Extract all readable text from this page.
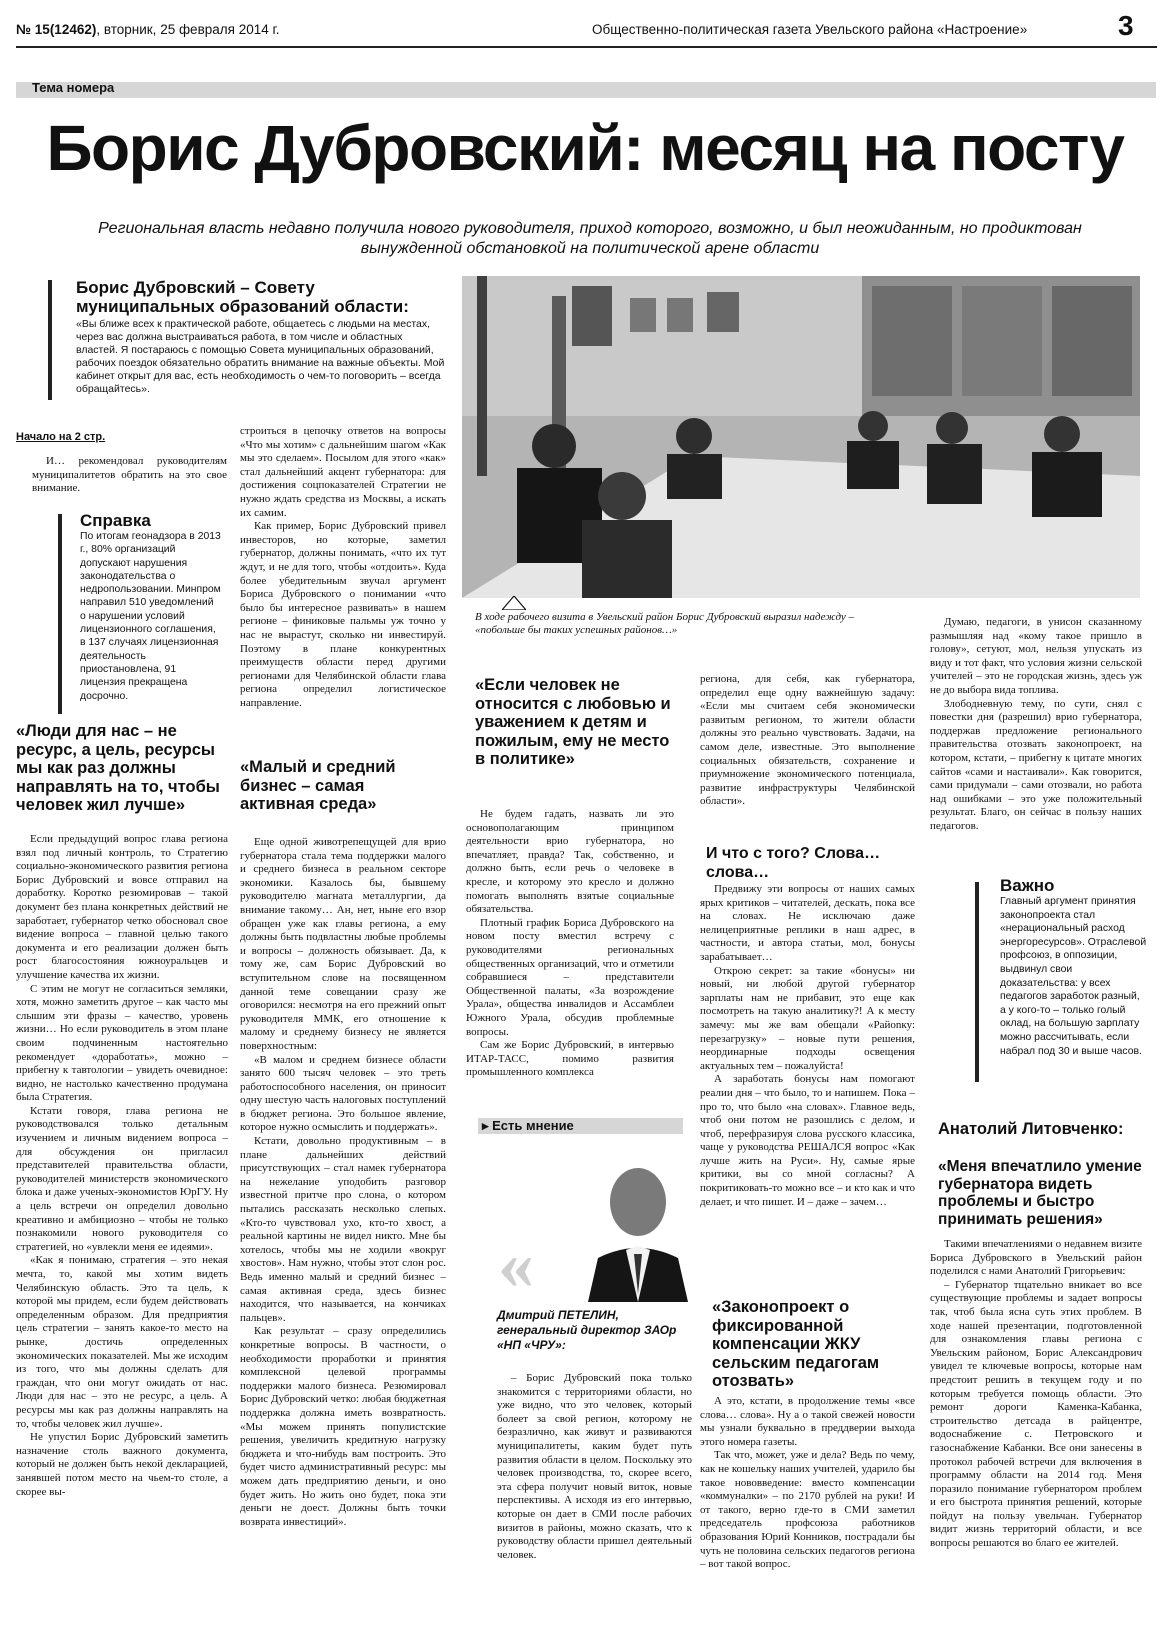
№ 15(12462), вторник, 25 февраля 2014 г.	Общественно-политическая газета Увельского района «Настроение»	3
Тема номера
Борис Дубровский: месяц на посту
Региональная власть недавно получила нового руководителя, приход которого, возможно, и был неожиданным, но продиктован вынужденной обстановкой на политической арене области
Борис Дубровский – Совету муниципальных образований области:
«Вы ближе всех к практической работе, общаетесь с людьми на местах, через вас должна выстраиваться работа, в том числе и областных властей. Я постараюсь с помощью Совета муниципальных образований, рабочих поездок обязательно обратить внимание на важные объекты. Мой кабинет открыт для вас, есть необходимость о чем-то поговорить – всегда обращайтесь».
В ходе рабочего визита в Увельский район Борис Дубровский выразил надежду – «побольше бы таких успешных районов…»
Начало на 2 стр.

И… рекомендовал руководителям муниципалитетов обратить на это свое внимание.

Справка
По итогам геонадзора в 2013 г., 80% организаций допускают нарушения законодательства о недропользовании. Минпром направил 510 уведомлений о нарушении условий лицензионного соглашения, в 137 случаях лицензионная деятельность приостановлена, 91 лицензия прекращена досрочно.
«Люди для нас – не ресурс, а цель, ресурсы мы как раз должны направлять на то, чтобы человек жил лучше»

Если предыдущий вопрос глава региона взял под личный контроль, то Стратегию социально-экономического развития регионa Борис Дубровский и вовсе отправил на доработку. Коротко резюмировав – такой документ без плана конкретных действий не заработает, губернатор четко обосновал свое видение вопроса – главной целью такого документа и его реализации должен быть рост благосостояния южноуральцев и улучшение качества их жизни.

С этим не могут не согласиться земляки, хотя, можно заметить другое – как часто мы слышим эти фразы – качество, уровень жизни… Но если руководитель в этом плане своим подчиненным настоятельно рекомендует «доработать», можно – прибегну к тавтологии – увидеть очевидное: видно, не настолько качественно продумана была Стратегия.

Кстати говоря, глава региона не руководствовался только детальным изучением и личным видением вопроса – для обсуждения он пригласил представителей правительства области, руководителей министерств экономического блока и даже ученых-экономистов ЮрГУ. Ну а цель встречи он определил довольно креативно и амбициозно – чтобы не только познакомили нового руководителя со стратегией, но «увлекли меня ее идеями».

«Как я понимаю, стратегия – это некая мечта, то, какой мы хотим видеть Челябинскую область. Это та цель, к которой мы придем, если будем действовать определенным образом. Для предприятия цель стратегии – занять какое-то место на рынке, достичь определенных экономических показателей. Мы же исходим из того, что мы должны сделать для граждан, что они могут ожидать от нас. Люди для нас – это не ресурс, а цель. А ресурсы мы как раз должны направлять на то, чтобы человек жил лучше».

Не упустил Борис Дубровский заметить назначение столь важного документа, который не должен быть некой декларацией, занявшей потом место на чьем-то столе, а скорее вы-

строиться в цепочку ответов на вопросы «Что мы хотим» с дальнейшим шагом «Как мы это сделаем». Посылом для этого «как» стал дальнейший акцент губернатора: для достижения соцпоказателей Стратегии не нужно ждать средства из Москвы, а искать их самим.

Как пример, Борис Дубровский привел инвесторов, но которые, заметил губернатор, должны понимать, «что их тут ждут, и не для того, чтобы «отдоить». Куда более убедительным звучал аргумент Бориса Дубровского о понимании «что было бы интересное развивать» в нашем регионе – финиковые пальмы уж точно у нас не вырастут, сколько ни инвестируй. Поэтому в плане конкурентных преимуществ области перед другими регионами для Челябинской области глава региона определил логистическое направление.

«Малый и средний бизнес – самая активная среда»

Еще одной животрепещущей для врио губернатора стала тема поддержки малого и среднего бизнеса в реальном секторе экономики. Казалось бы, бывшему руководителю магната металлургии, да внимание такому… Ан, нет, ныне его взор обращен уже как главы региона, а ему должны быть подвластны любые проблемы и вопросы – должность обязывает. Да, к тому же, сам Борис Дубровский во вступительном слове на посвященном данной теме совещании сразу же оговорился: несмотря на его прежний опыт руководителя ММК, его отношение к малому и среднему бизнесу не является поверхностным:

«В малом и среднем бизнесе области занято 600 тысяч человек – это треть работоспособного населения, он приносит одну шестую часть налоговых поступлений в бюджет региона. Это большое явление, которое нужно осмыслить и поддержать».

Кстати, довольно продуктивным – в плане дальнейших действий присутствующих – стал намек губернатора на нежелание уподобить разговор известной притче про слона, о котором пытались рассказать несколько слепых. «Кто-то чувствовал ухо, кто-то хвост, а реальной картины не видел никто. Мне бы хотелось, чтобы мы не ходили «вокруг хвостов». Нам нужно, чтобы этот слон рос. Ведь именно малый и средний бизнес – самая активная среда, здесь бизнес находится, что называется, на кончиках пальцев».

Как результат – сразу определились конкретные вопросы. В частности, о необходимости проработки и принятия комплексной целевой программы поддержки малого бизнеса. Резюмировал Борис Дубровский четко: любая бюджетная поддержка должна иметь возвратность. «Мы можем принять популистские решения, увеличить кредитную нагрузку бюджета и что-нибудь вам построить. Это будет чисто административный ресурс: мы можем дать предприятию деньги, и оно будет жить. Но жить оно будет, пока эти деньги не доест. Должны быть точки возврата инвестиций».

«Если человек не относится с любовью и уважением к детям и пожилым, ему не место в политике»

Не будем гадать, назвать ли это основополагающим принципом деятельности врио губернатора, но впечатляет, правда? Так, собственно, и должно быть, если речь о человеке в кресле, и которому это кресло и должно помогать выполнять взятые социальные обязательства.

Плотный график Бориса Дубровского на новом посту вместил встречу с руководителями региональных общественных организаций, что и отметили собравшиеся – представители Общественной палаты, «За возрождение Урала», общества инвалидов и Ассамблеи Южного Урала, обсудив проблемные вопросы.

Сам же Борис Дубровский, в интервью ИТАР-ТАСС, помимо развития промышленного комплекса

▸ Есть мнение
«
Дмитрий ПЕТЕЛИН,
генеральный директор ЗАОр «НП «ЧРУ»:

– Борис Дубровский пока только знакомится с территориями области, но уже видно, что это человек, который болеет за свой регион, которому не безразлично, как живут и развиваются муниципалитеты, каким будет путь развития области в целом. Поскольку это человек производства, то, скорее всего, эта сфера получит новый виток, новые перспективы. А исходя из его интервью, которые он дает в СМИ после рабочих визитов в районы, можно сказать, что к руководству области пришел деятельный человек.

региона, для себя, как губернатора, определил еще одну важнейшую задачу: «Если мы считаем себя экономически развитым регионом, то жители области должны это реально чувствовать. Задачи, на самом деле, известные. Это выполнение социальных обязательств, сохранение и приумножение экономического потенциала, развитие инфраструктуры Челябинской области».

И что с того? Слова… слова…

Предвижу эти вопросы от наших самых ярых критиков – читателей, дескать, пока все на словах. Не исключаю даже нелицеприятные реплики в наш адрес, в частности, и автора статьи, мол, бонусы зарабатывает…

Открою секрет: за такие «бонусы» ни новый, ни любой другой губернатор зарплаты нам не прибавит, это еще как посмотреть на такую аналитику?! А к месту замечу: мы же вам обещали «Райоnку: перезагрузку» – новые пути решения, неординарные подходы освещения актуальных тем – пожалуйста!

А заработать бонусы нам помогают реалии дня – что было, то и напишем. Пока – про то, что было «на словах». Главное ведь, чтоб они потом не разошлись с делом, и чтоб, перефразируя слова русского классика, чаще у руководства РЕШАЛСЯ вопрос «Как лучше жить на Руси». Ну, самые ярые критики, вы со мной согласны? А покритиковать-то можно все – и кто как и что делает, и что пишет. И – даже – зачем…

«Законопроект о фиксированной компенсации ЖКУ сельским педагогам отозвать»

А это, кстати, в продолжение темы «все слова… слова». Ну а о такой свежей новости мы узнали буквально в преддверии выхода этого номера газеты.

Так что, может, уже и дела? Ведь по чему, как не кошельку наших учителей, ударило бы такое нововведение: вместо компенсации «коммуналки» – по 2170 рублей на руки! И от такого, верно где-то в СМИ заметил председатель профсоюза работников образования Юрий Конников, пострадали бы чуть не половина сельских педагогов региона – вот такой вопрос.

Думаю, педагоги, в унисон сказанному размышляя над «кому такое пришло в голову», сетуют, мол, нельзя упускать из виду и тот факт, что условия жизни сельской учителей – это не городская жизнь, здесь уж не до выбора вида топлива.

Злободневную тему, по сути, снял с повестки дня (разрешил) врио губернатора, поддержав предложение регионального правительства отозвать законопроект, на котором, кстати, – прибегну к цитате многих сайтов «сами и настаивали». Как говорится, сами придумали – сами отозвали, но работа над ошибками – это уже положительный результат. Благо, он сейчас в пользу наших педагогов.

Важно
Главный аргумент принятия законопроекта стал «нерациональный расход энергоресурсов». Отраслевой профсоюз, в оппозиции, выдвинул свои доказательства: у всех педагогов заработок разный, а у кого-то – только голый оклад, на большую зарплату можно рассчитывать, если набрал под 30 и выше часов.
Анатолий Литовченко:
«Меня впечатлило умение губернатора видеть проблемы и быстро принимать решения»

Такими впечатлениями о недавнем визите Бориса Дубровского в Увельский район поделился с нами Анатолий Григорьевич:

– Губернатор тщательно вникает во все существующие проблемы и задает вопросы так, чтоб была ясна суть этих проблем. В ходе нашей презентации, подготовленной для ознакомления главы региона с Увельским районом, Борис Александрович увидел те ключевые вопросы, которые нам предстоит решить в текущем году и по которым требуется помощь области. Это ремонт дороги Каменка-Кабанка, строительство детсада в райцентре, водоснабжение с. Петровского и газоснабжение Кабанки. Все они занесены в протокол рабочей встречи для включения в программу области на 2014 год. Меня поразило понимание губернатором проблем и его быстрота принятия решений, которые пойдут на пользу увельчан. Губернатор видит жизнь территорий области, и все вопросы решаются во благо ее жителей.
